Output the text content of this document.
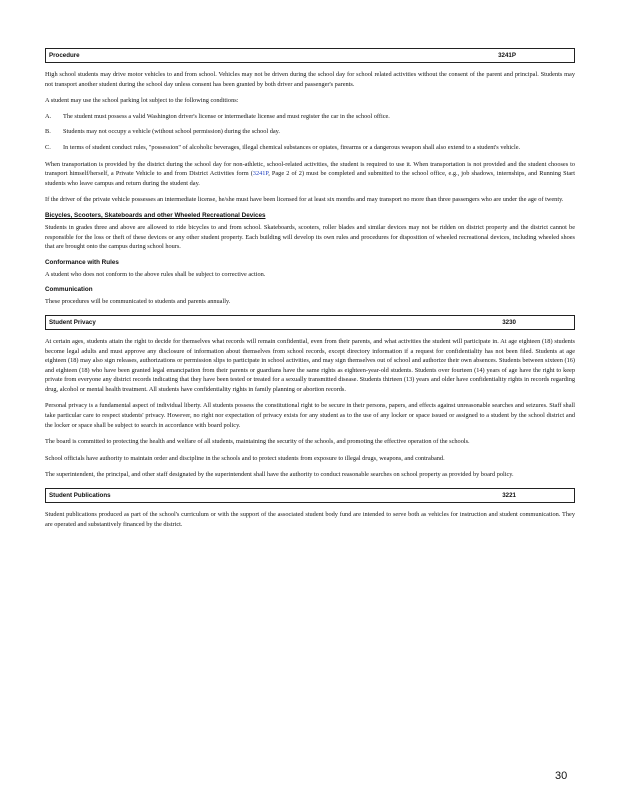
Procedure	3241P

High school students may drive motor vehicles to and from school. Vehicles may not be driven during the school day for school related activities without the consent of the parent and principal. Students may not transport another student during the school day unless consent has been granted by both driver and passenger's parents.

A student may use the school parking lot subject to the following conditions:

A.	The student must possess a valid Washington driver's license or intermediate license and must register the car in the school office.
B.	Students may not occupy a vehicle (without school permission) during the school day.
C.	In terms of student conduct rules, "possession" of alcoholic beverages, illegal chemical substances or opiates, firearms or a dangerous weapon shall also extend to a student's vehicle.

When transportation is provided by the district during the school day for non-athletic, school-related activities, the student is required to use it. When transportation is not provided and the student chooses to transport himself/herself, a Private Vehicle to and from District Activities form (3241P, Page 2 of 2) must be completed and submitted to the school office, e.g., job shadows, internships, and Running Start students who leave campus and return during the student day.

If the driver of the private vehicle possesses an intermediate license, he/she must have been licensed for at least six months and may transport no more than three passengers who are under the age of twenty.

Bicycles, Scooters, Skateboards and other Wheeled Recreational Devices

Students in grades three and above are allowed to ride bicycles to and from school. Skateboards, scooters, roller blades and similar devices may not be ridden on district property and the district cannot be responsible for the loss or theft of these devices or any other student property. Each building will develop its own rules and procedures for disposition of wheeled recreational devices, including wheeled shoes that are brought onto the campus during school hours.

Conformance with Rules

A student who does not conform to the above rules shall be subject to corrective action.

Communication

These procedures will be communicated to students and parents annually.

Student Privacy	3230

At certain ages, students attain the right to decide for themselves what records will remain confidential, even from their parents, and what activities the student will participate in. At age eighteen (18) students become legal adults and must approve any disclosure of information about themselves from school records, except directory information if a request for confidentiality has not been filed. Students at age eighteen (18) may also sign releases, authorizations or permission slips to participate in school activities, and may sign themselves out of school and authorize their own absences. Students between sixteen (16) and eighteen (18) who have been granted legal emancipation from their parents or guardians have the same rights as eighteen-year-old students. Students over fourteen (14) years of age have the right to keep private from everyone any district records indicating that they have been tested or treated for a sexually transmitted disease. Students thirteen (13) years and older have confidentiality rights in records regarding drug, alcohol or mental health treatment. All students have confidentiality rights in family planning or abortion records.

Personal privacy is a fundamental aspect of individual liberty. All students possess the constitutional right to be secure in their persons, papers, and effects against unreasonable searches and seizures. Staff shall take particular care to respect students' privacy. However, no right nor expectation of privacy exists for any student as to the use of any locker or space issued or assigned to a student by the school district and the locker or space shall be subject to search in accordance with board policy.

The board is committed to protecting the health and welfare of all students, maintaining the security of the schools, and promoting the effective operation of the schools.

School officials have authority to maintain order and discipline in the schools and to protect students from exposure to illegal drugs, weapons, and contraband.

The superintendent, the principal, and other staff designated by the superintendent shall have the authority to conduct reasonable searches on school property as provided by board policy.

Student Publications	3221

Student publications produced as part of the school's curriculum or with the support of the associated student body fund are intended to serve both as vehicles for instruction and student communication. They are operated and substantively financed by the district.

30
